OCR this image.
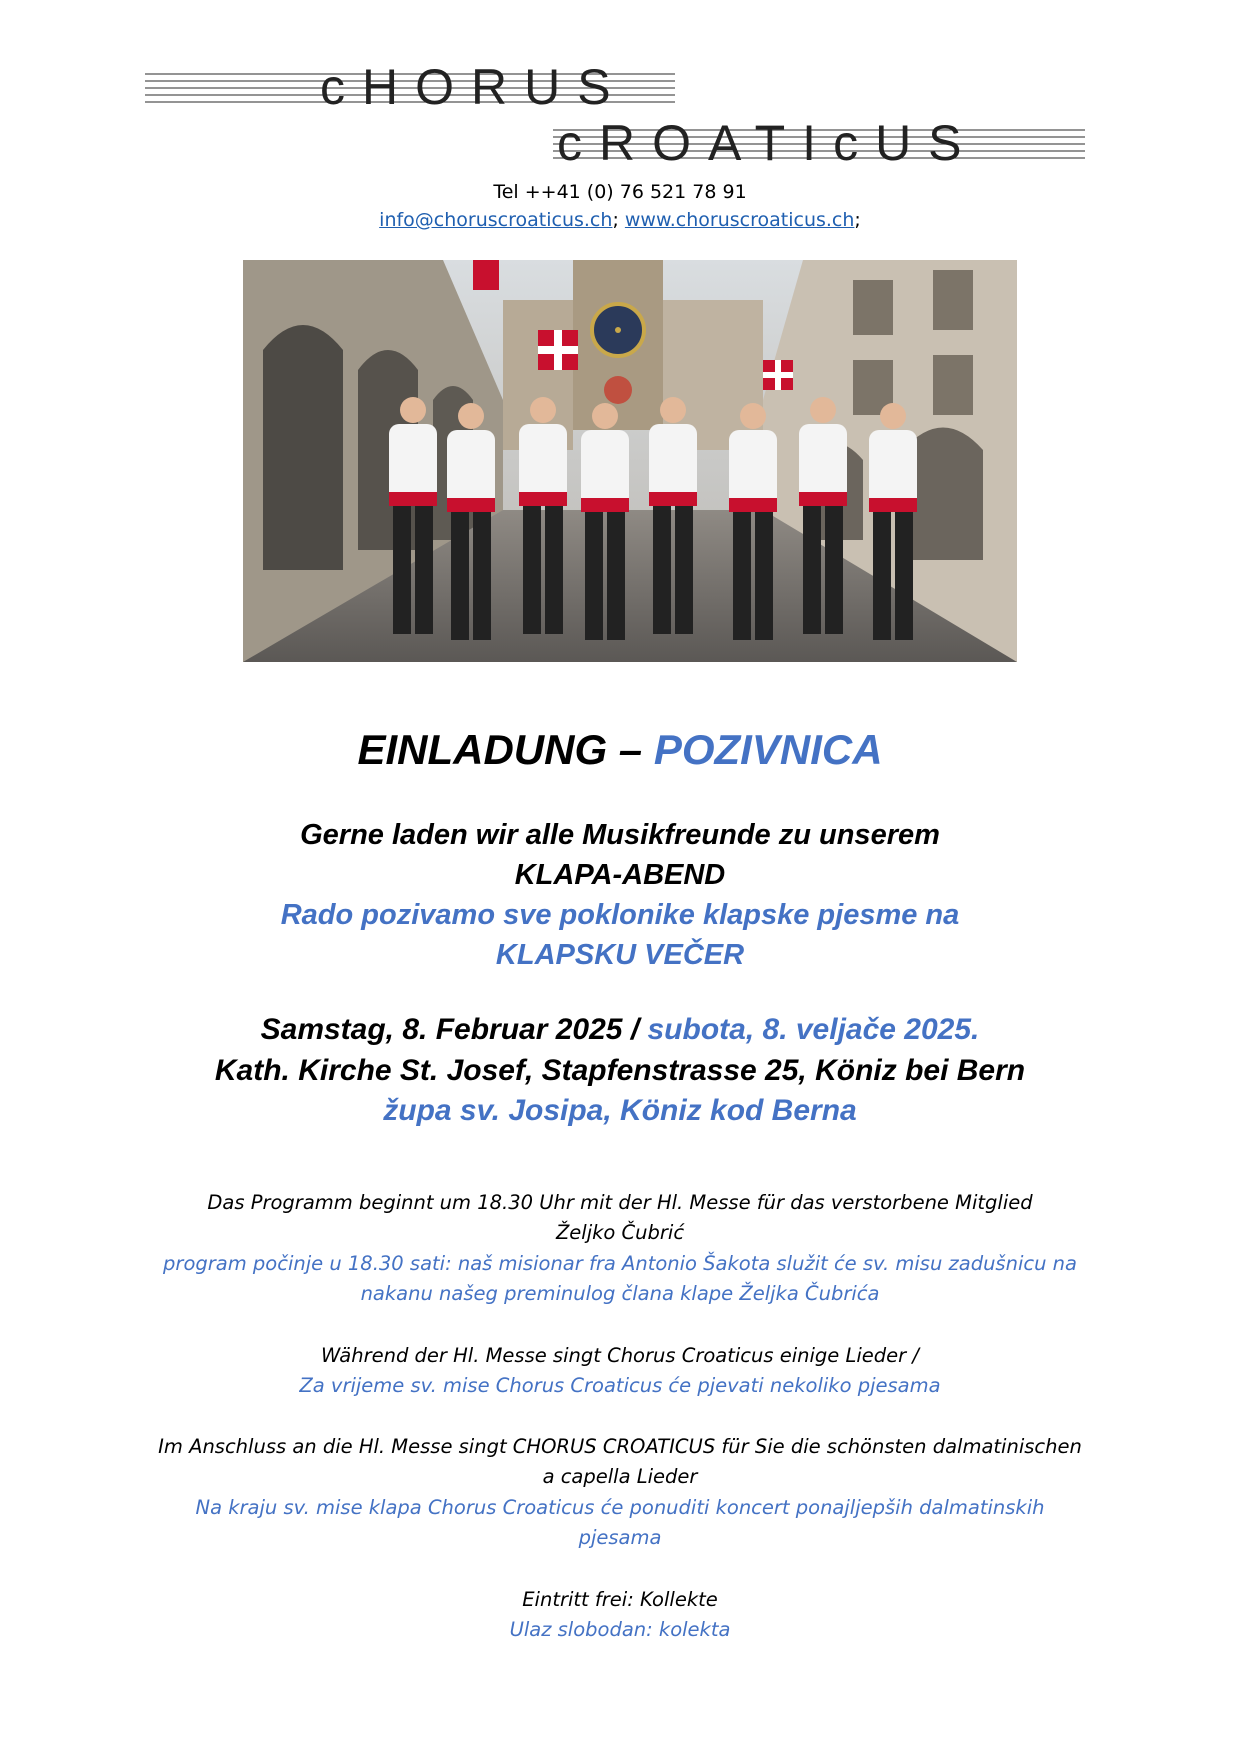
cHORUS
cROATIcUS
Tel ++41 (0) 76 521 78 91
info@choruscroaticus.ch; www.choruscroaticus.ch;
EINLADUNG – POZIVNICA
Gerne laden wir alle Musikfreunde zu unserem
KLAPA-ABEND
Rado pozivamo sve poklonike klapske pjesme na
KLAPSKU VEČER
Samstag, 8. Februar 2025 / subota, 8. veljače 2025.
Kath. Kirche St. Josef, Stapfenstrasse 25, Köniz bei Bern
župa sv. Josipa, Köniz kod Berna
Das Programm beginnt um 18.30 Uhr mit der Hl. Messe für das verstorbene Mitglied
Željko Čubrić
program počinje u 18.30 sati: naš misionar fra Antonio Šakota služit će sv. misu zadušnicu na
nakanu našeg preminulog člana klape Željka Čubrića
Während der Hl. Messe singt Chorus Croaticus einige Lieder /
Za vrijeme sv. mise Chorus Croaticus će pjevati nekoliko pjesama
Im Anschluss an die Hl. Messe singt CHORUS CROATICUS für Sie die schönsten dalmatinischen
a capella Lieder
Na kraju sv. mise klapa Chorus Croaticus će ponuditi koncert ponajljepših dalmatinskih
pjesama
Eintritt frei: Kollekte
Ulaz slobodan: kolekta
